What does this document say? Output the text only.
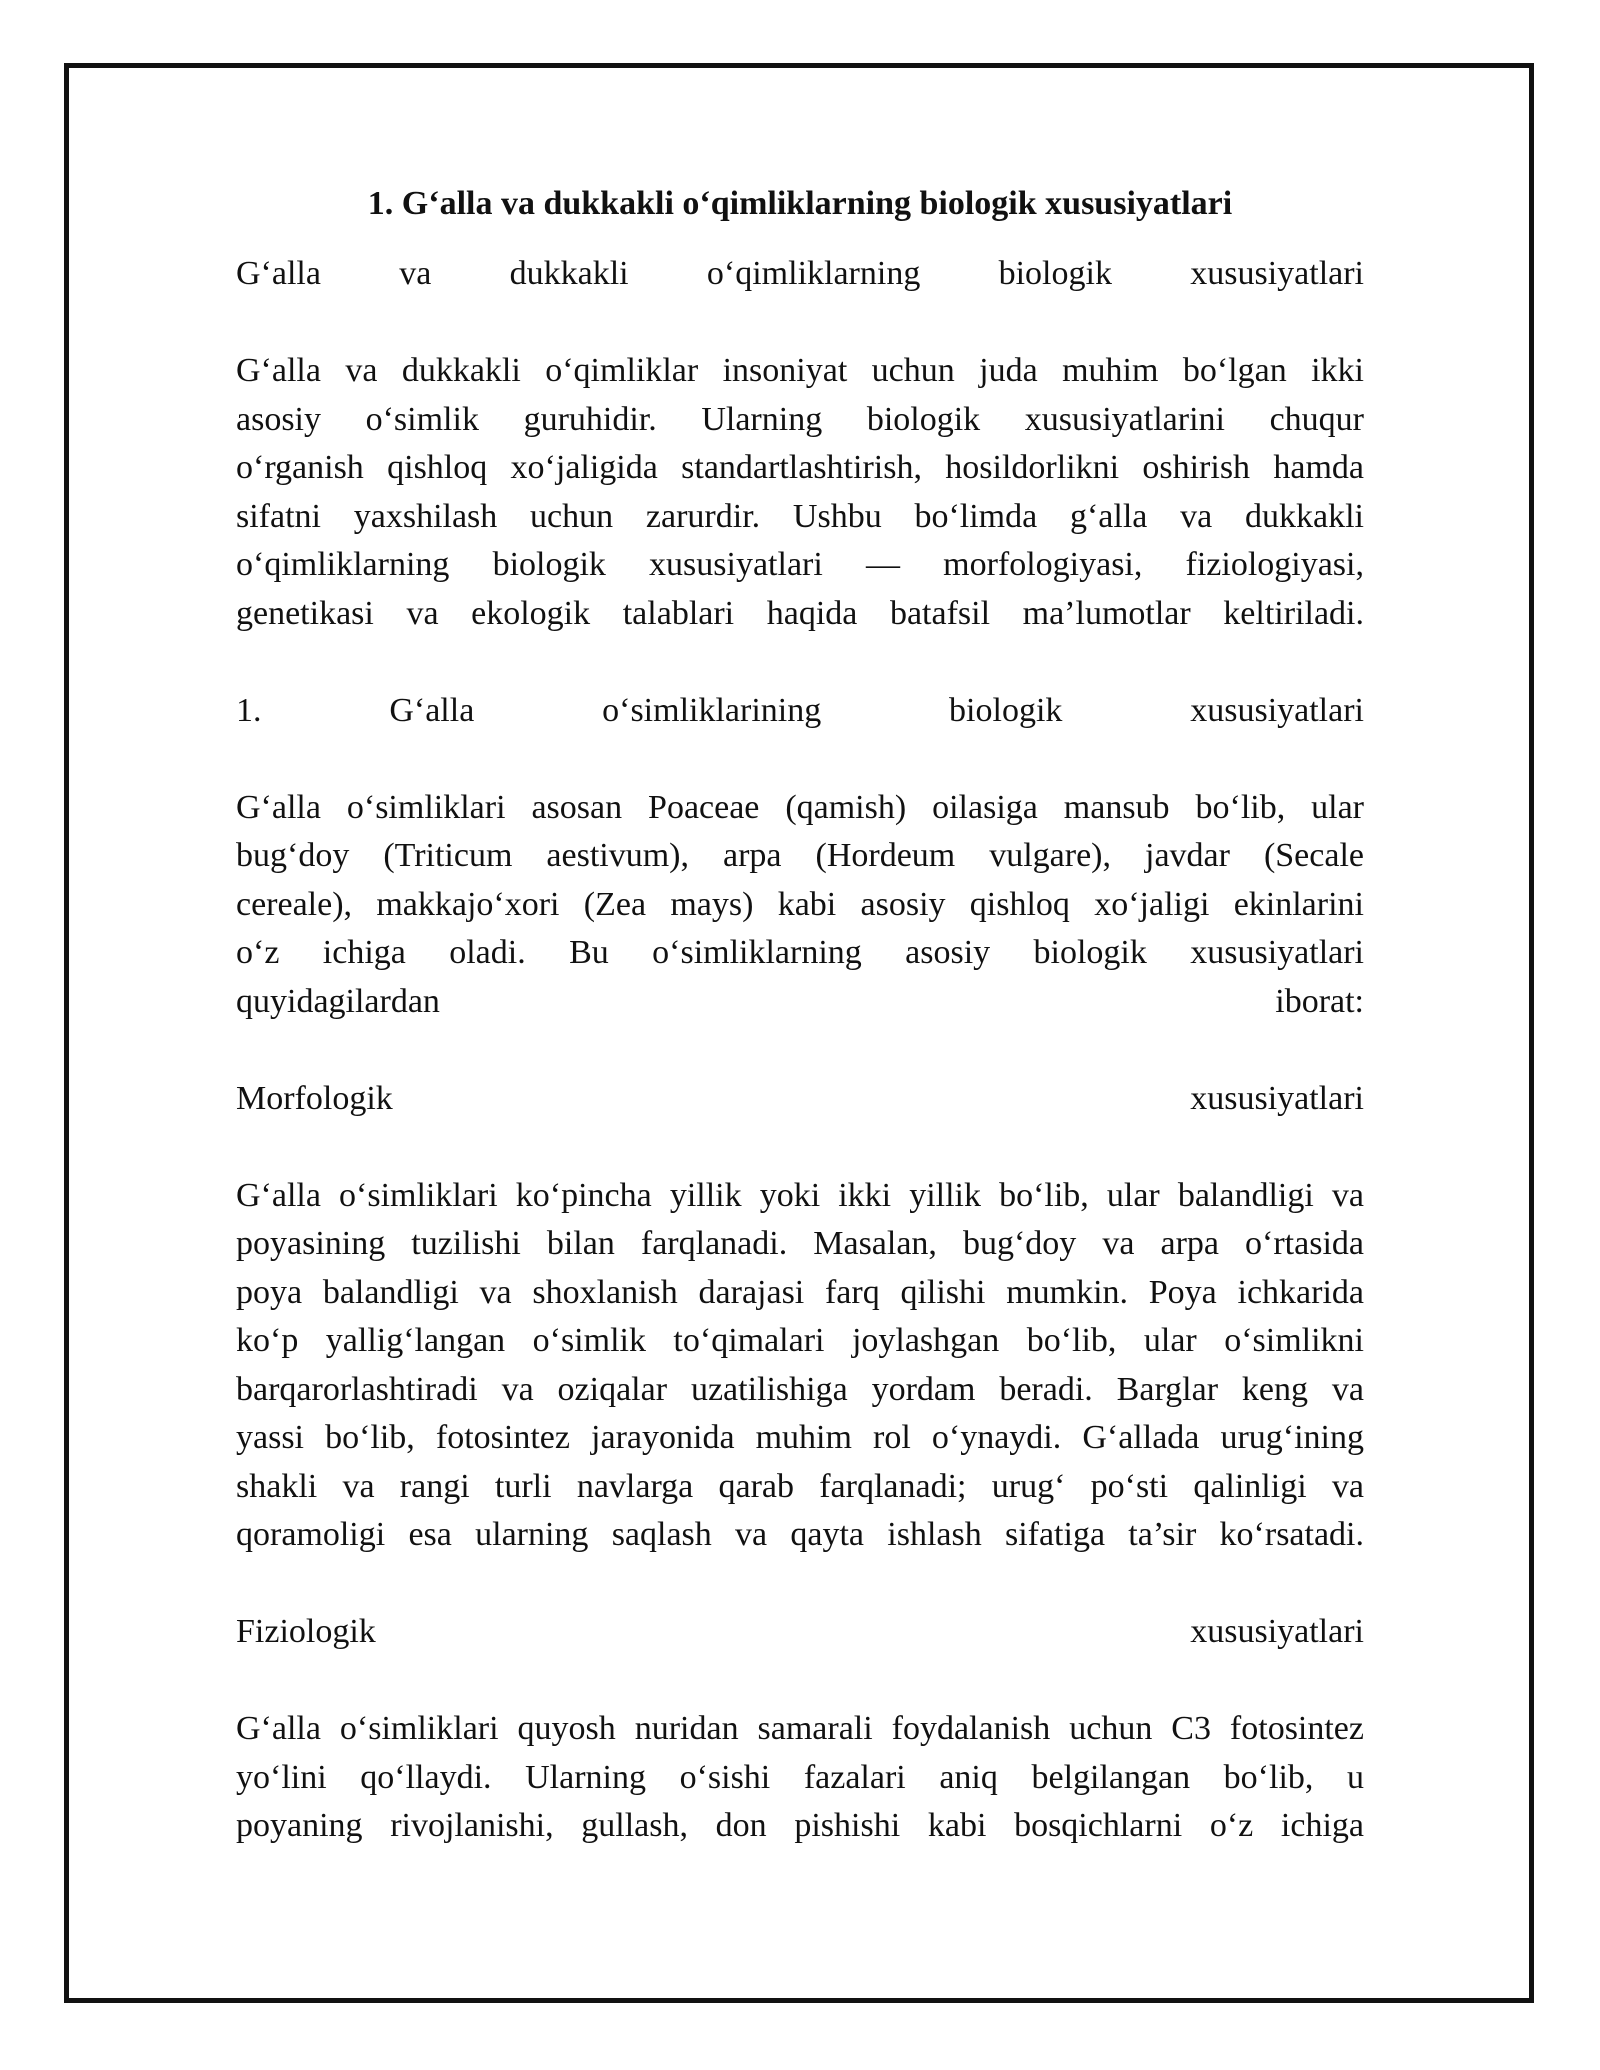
1. G‘alla va dukkakli o‘qimliklarning biologik xususiyatlari

G‘alla va dukkakli o‘qimliklarning biologik xususiyatlari

G‘alla va dukkakli o‘qimliklar insoniyat uchun juda muhim bo‘lgan ikki

asosiy o‘simlik guruhidir. Ularning biologik xususiyatlarini chuqur

o‘rganish qishloq xo‘jaligida standartlashtirish, hosildorlikni oshirish hamda

sifatni yaxshilash uchun zarurdir. Ushbu bo‘limda g‘alla va dukkakli

o‘qimliklarning biologik xususiyatlari — morfologiyasi, fiziologiyasi,

genetikasi va ekologik talablari haqida batafsil ma’lumotlar keltiriladi.

1. G‘alla o‘simliklarining biologik xususiyatlari

G‘alla o‘simliklari asosan Poaceae (qamish) oilasiga mansub bo‘lib, ular

bug‘doy (Triticum aestivum), arpa (Hordeum vulgare), javdar (Secale

cereale), makkajo‘xori (Zea mays) kabi asosiy qishloq xo‘jaligi ekinlarini

o‘z ichiga oladi. Bu o‘simliklarning asosiy biologik xususiyatlari

quyidagilardan iborat:

Morfologik xususiyatlari

G‘alla o‘simliklari ko‘pincha yillik yoki ikki yillik bo‘lib, ular balandligi va

poyasining tuzilishi bilan farqlanadi. Masalan, bug‘doy va arpa o‘rtasida

poya balandligi va shoxlanish darajasi farq qilishi mumkin. Poya ichkarida

ko‘p yallig‘langan o‘simlik to‘qimalari joylashgan bo‘lib, ular o‘simlikni

barqarorlashtiradi va oziqalar uzatilishiga yordam beradi. Barglar keng va

yassi bo‘lib, fotosintez jarayonida muhim rol o‘ynaydi. G‘allada urug‘ining

shakli va rangi turli navlarga qarab farqlanadi; urug‘ po‘sti qalinligi va

qoramoligi esa ularning saqlash va qayta ishlash sifatiga ta’sir ko‘rsatadi.

Fiziologik xususiyatlari

G‘alla o‘simliklari quyosh nuridan samarali foydalanish uchun C3 fotosintez

yo‘lini qo‘llaydi. Ularning o‘sishi fazalari aniq belgilangan bo‘lib, u

poyaning rivojlanishi, gullash, don pishishi kabi bosqichlarni o‘z ichiga
